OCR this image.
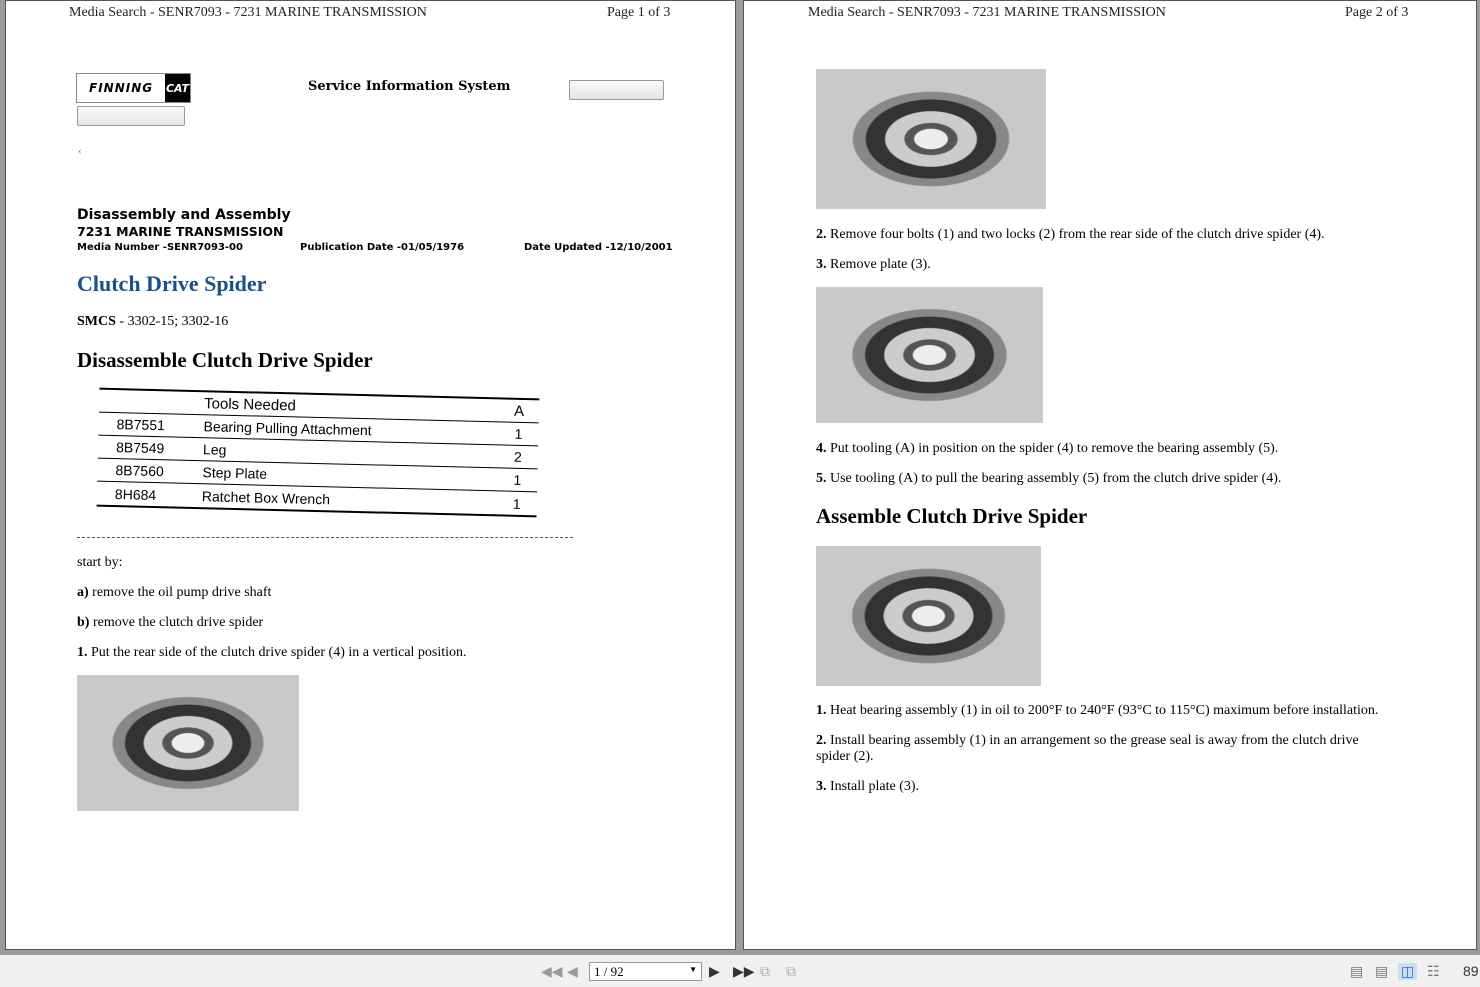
Media Search - SENR7093 - 7231 MARINE TRANSMISSION	Page 1 of 3
FINNING	CAT	Service Information System
‹
Disassembly and Assembly
7231 MARINE TRANSMISSION
Media Number -SENR7093-00	Publication Date -01/05/1976	Date Updated -12/10/2001
Clutch Drive Spider
SMCS - 3302-15; 3302-16
Disassemble Clutch Drive Spider
Tools Needed	A
8B7551	Bearing Pulling Attachment	1
8B7549	Leg	2
8B7560	Step Plate	1
8H684	Ratchet Box Wrench	1
start by:
a) remove the oil pump drive shaft
b) remove the clutch drive spider
1. Put the rear side of the clutch drive spider (4) in a vertical position.
Media Search - SENR7093 - 7231 MARINE TRANSMISSION	Page 2 of 3
2. Remove four bolts (1) and two locks (2) from the rear side of the clutch drive spider (4).
3. Remove plate (3).
4. Put tooling (A) in position on the spider (4) to remove the bearing assembly (5).
5. Use tooling (A) to pull the bearing assembly (5) from the clutch drive spider (4).
Assemble Clutch Drive Spider
1. Heat bearing assembly (1) in oil to 200°F to 240°F (93°C to 115°C) maximum before installation.
2. Install bearing assembly (1) in an arrangement so the grease seal is away from the clutch drive spider (2).
3. Install plate (3).
◀◀ ◀	▶ ▶▶ ⧉ ⧉	▤ ▤ ◫ ☷ 89
1 / 92	▼
